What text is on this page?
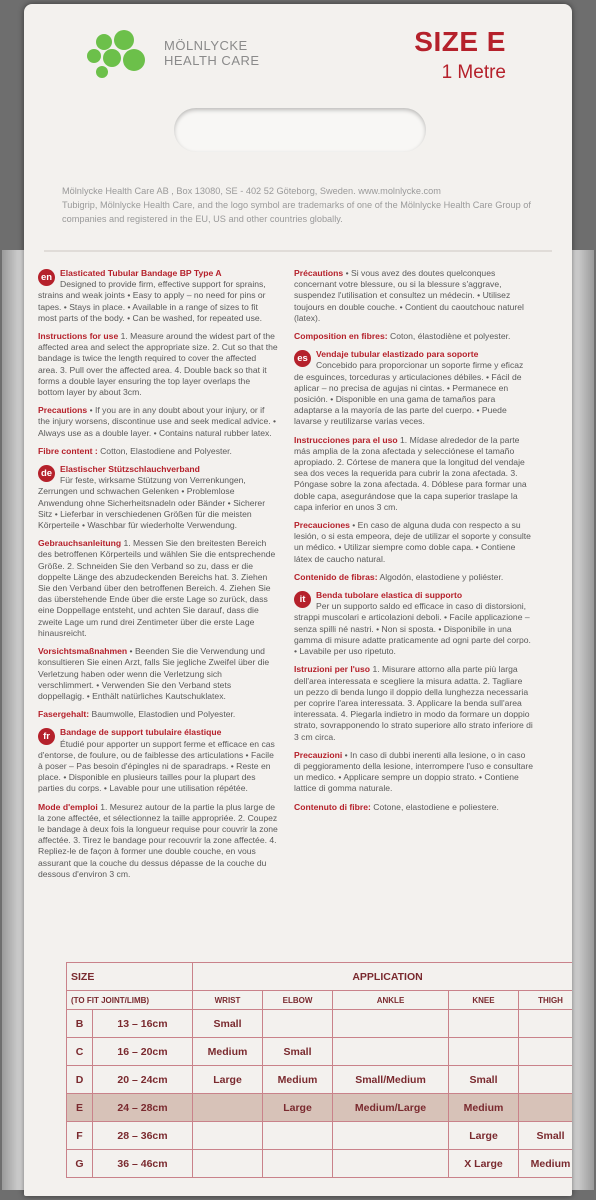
MÖLNLYCKE
HEALTH CARE
SIZE E
1 Metre
Mölnlycke Health Care AB , Box 13080, SE - 402 52 Göteborg, Sweden. www.molnlycke.com
Tubigrip, Mölnlycke Health Care, and the logo symbol are trademarks of one of the Mölnlycke Health Care Group of companies and registered in the EU, US and other countries globally.

en Elasticated Tubular Bandage BP Type A
Designed to provide firm, effective support for sprains, strains and weak joints • Easy to apply – no need for pins or tapes. • Stays in place. • Available in a range of sizes to fit most parts of the body. • Can be washed, for repeated use.

Instructions for use 1. Measure around the widest part of the affected area and select the appropriate size. 2. Cut so that the bandage is twice the length required to cover the affected area. 3. Pull over the affected area. 4. Double back so that it forms a double layer ensuring the top layer overlaps the bottom layer by about 3cm.

Precautions • If you are in any doubt about your injury, or if the injury worsens, discontinue use and seek medical advice. • Always use as a double layer. • Contains natural rubber latex.

Fibre content : Cotton, Elastodiene and Polyester.

de Elastischer Stützschlauchverband
Für feste, wirksame Stützung von Verrenkungen, Zerrungen und schwachen Gelenken • Problemlose Anwendung ohne Sicherheitsnadeln oder Bänder • Sicherer Sitz • Lieferbar in verschiedenen Größen für die meisten Körperteile • Waschbar für wiederholte Verwendung.

Gebrauchsanleitung 1. Messen Sie den breitesten Bereich des betroffenen Körperteils und wählen Sie die entsprechende Größe. 2. Schneiden Sie den Verband so zu, dass er die doppelte Länge des abzudeckenden Bereichs hat. 3. Ziehen Sie den Verband über den betroffenen Bereich. 4. Ziehen Sie das überstehende Ende über die erste Lage so zurück, dass eine Doppellage entsteht, und achten Sie darauf, dass die zweite Lage um rund drei Zentimeter über die erste Lage hinausreicht.

Vorsichtsmaßnahmen • Beenden Sie die Verwendung und konsultieren Sie einen Arzt, falls Sie jegliche Zweifel über die Verletzung haben oder wenn die Verletzung sich verschlimmert. • Verwenden Sie den Verband stets doppellagig. • Enthält natürliches Kautschuklatex.

Fasergehalt: Baumwolle, Elastodien und Polyester.

fr	Bandage de support tubulaire élastique
Étudié pour apporter un support ferme et efficace en cas d'entorse, de foulure, ou de faiblesse des articulations • Facile à poser – Pas besoin d'épingles ni de sparadraps. • Reste en place. • Disponible en plusieurs tailles pour la plupart des parties du corps. • Lavable pour une utilisation répétée.

Mode d'emploi 1. Mesurez autour de la partie la plus large de la zone affectée, et sélectionnez la taille appropriée. 2. Coupez le bandage à deux fois la longueur requise pour couvrir la zone affectée. 3. Tirez le bandage pour recouvrir la zone affectée. 4. Repliez-le de façon à former une double couche, en vous assurant que la couche du dessus dépasse de la couche du dessous d'environ 3 cm.

Précautions • Si vous avez des doutes quelconques concernant votre blessure, ou si la blessure s'aggrave, suspendez l'utilisation et consultez un médecin. • Utilisez toujours en double couche. • Contient du caoutchouc naturel (latex).

Composition en fibres: Coton, élastodiène et polyester.

es Vendaje tubular elastizado para soporte
Concebido para proporcionar un soporte firme y eficaz de esguinces, torceduras y articulaciones débiles. • Fácil de aplicar – no precisa de agujas ni cintas. • Permanece en posición. • Disponible en una gama de tamaños para adaptarse a la mayoría de las parte del cuerpo. • Puede lavarse y reutilizarse varias veces.

Instrucciones para el uso 1. Mídase alrededor de la parte más amplia de la zona afectada y selecciónese el tamaño apropiado. 2. Córtese de manera que la longitud del vendaje sea dos veces la requerida para cubrir la zona afectada. 3. Póngase sobre la zona afectada. 4. Dóblese para formar una doble capa, asegurándose que la capa superior traslape la capa inferior en unos 3 cm.

Precauciones • En caso de alguna duda con respecto a su lesión, o si esta empeora, deje de utilizar el soporte y consulte un médico. • Utilizar siempre como doble capa. • Contiene látex de caucho natural.

Contenido de fibras: Algodón, elastodiene y poliéster.

it	Benda tubolare elastica di supporto
Per un supporto saldo ed efficace in caso di distorsioni, strappi muscolari e articolazioni deboli. • Facile applicazione – senza spilli né nastri. • Non si sposta. • Disponibile in una gamma di misure adatte praticamente ad ogni parte del corpo. • Lavabile per uso ripetuto.

Istruzioni per l'uso 1. Misurare attorno alla parte più larga dell'area interessata e scegliere la misura adatta. 2. Tagliare un pezzo di benda lungo il doppio della lunghezza necessaria per coprire l'area interessata. 3. Applicare la benda sull'area interessata. 4. Piegarla indietro in modo da formare un doppio strato, sovrapponendo lo strato superiore allo strato inferiore di 3 cm circa.

Precauzioni • In caso di dubbi inerenti alla lesione, o in caso di peggioramento della lesione, interrompere l'uso e consultare un medico. • Applicare sempre un doppio strato. • Contiene lattice di gomma naturale.

Contenuto di fibre: Cotone, elastodiene e poliestere.

SIZE		APPLICATION				
(TO FIT JOINT/LIMB)		WRIST	ELBOW	ANKLE	KNEE	THIGH
B	13 – 16cm	Small				
C	16 – 20cm	Medium	Small			
D	20 – 24cm	Large	Medium	Small/Medium	Small	
E	24 – 28cm		Large	Medium/Large	Medium	
F	28 – 36cm				Large	Small
G	36 – 46cm				X Large	Medium
